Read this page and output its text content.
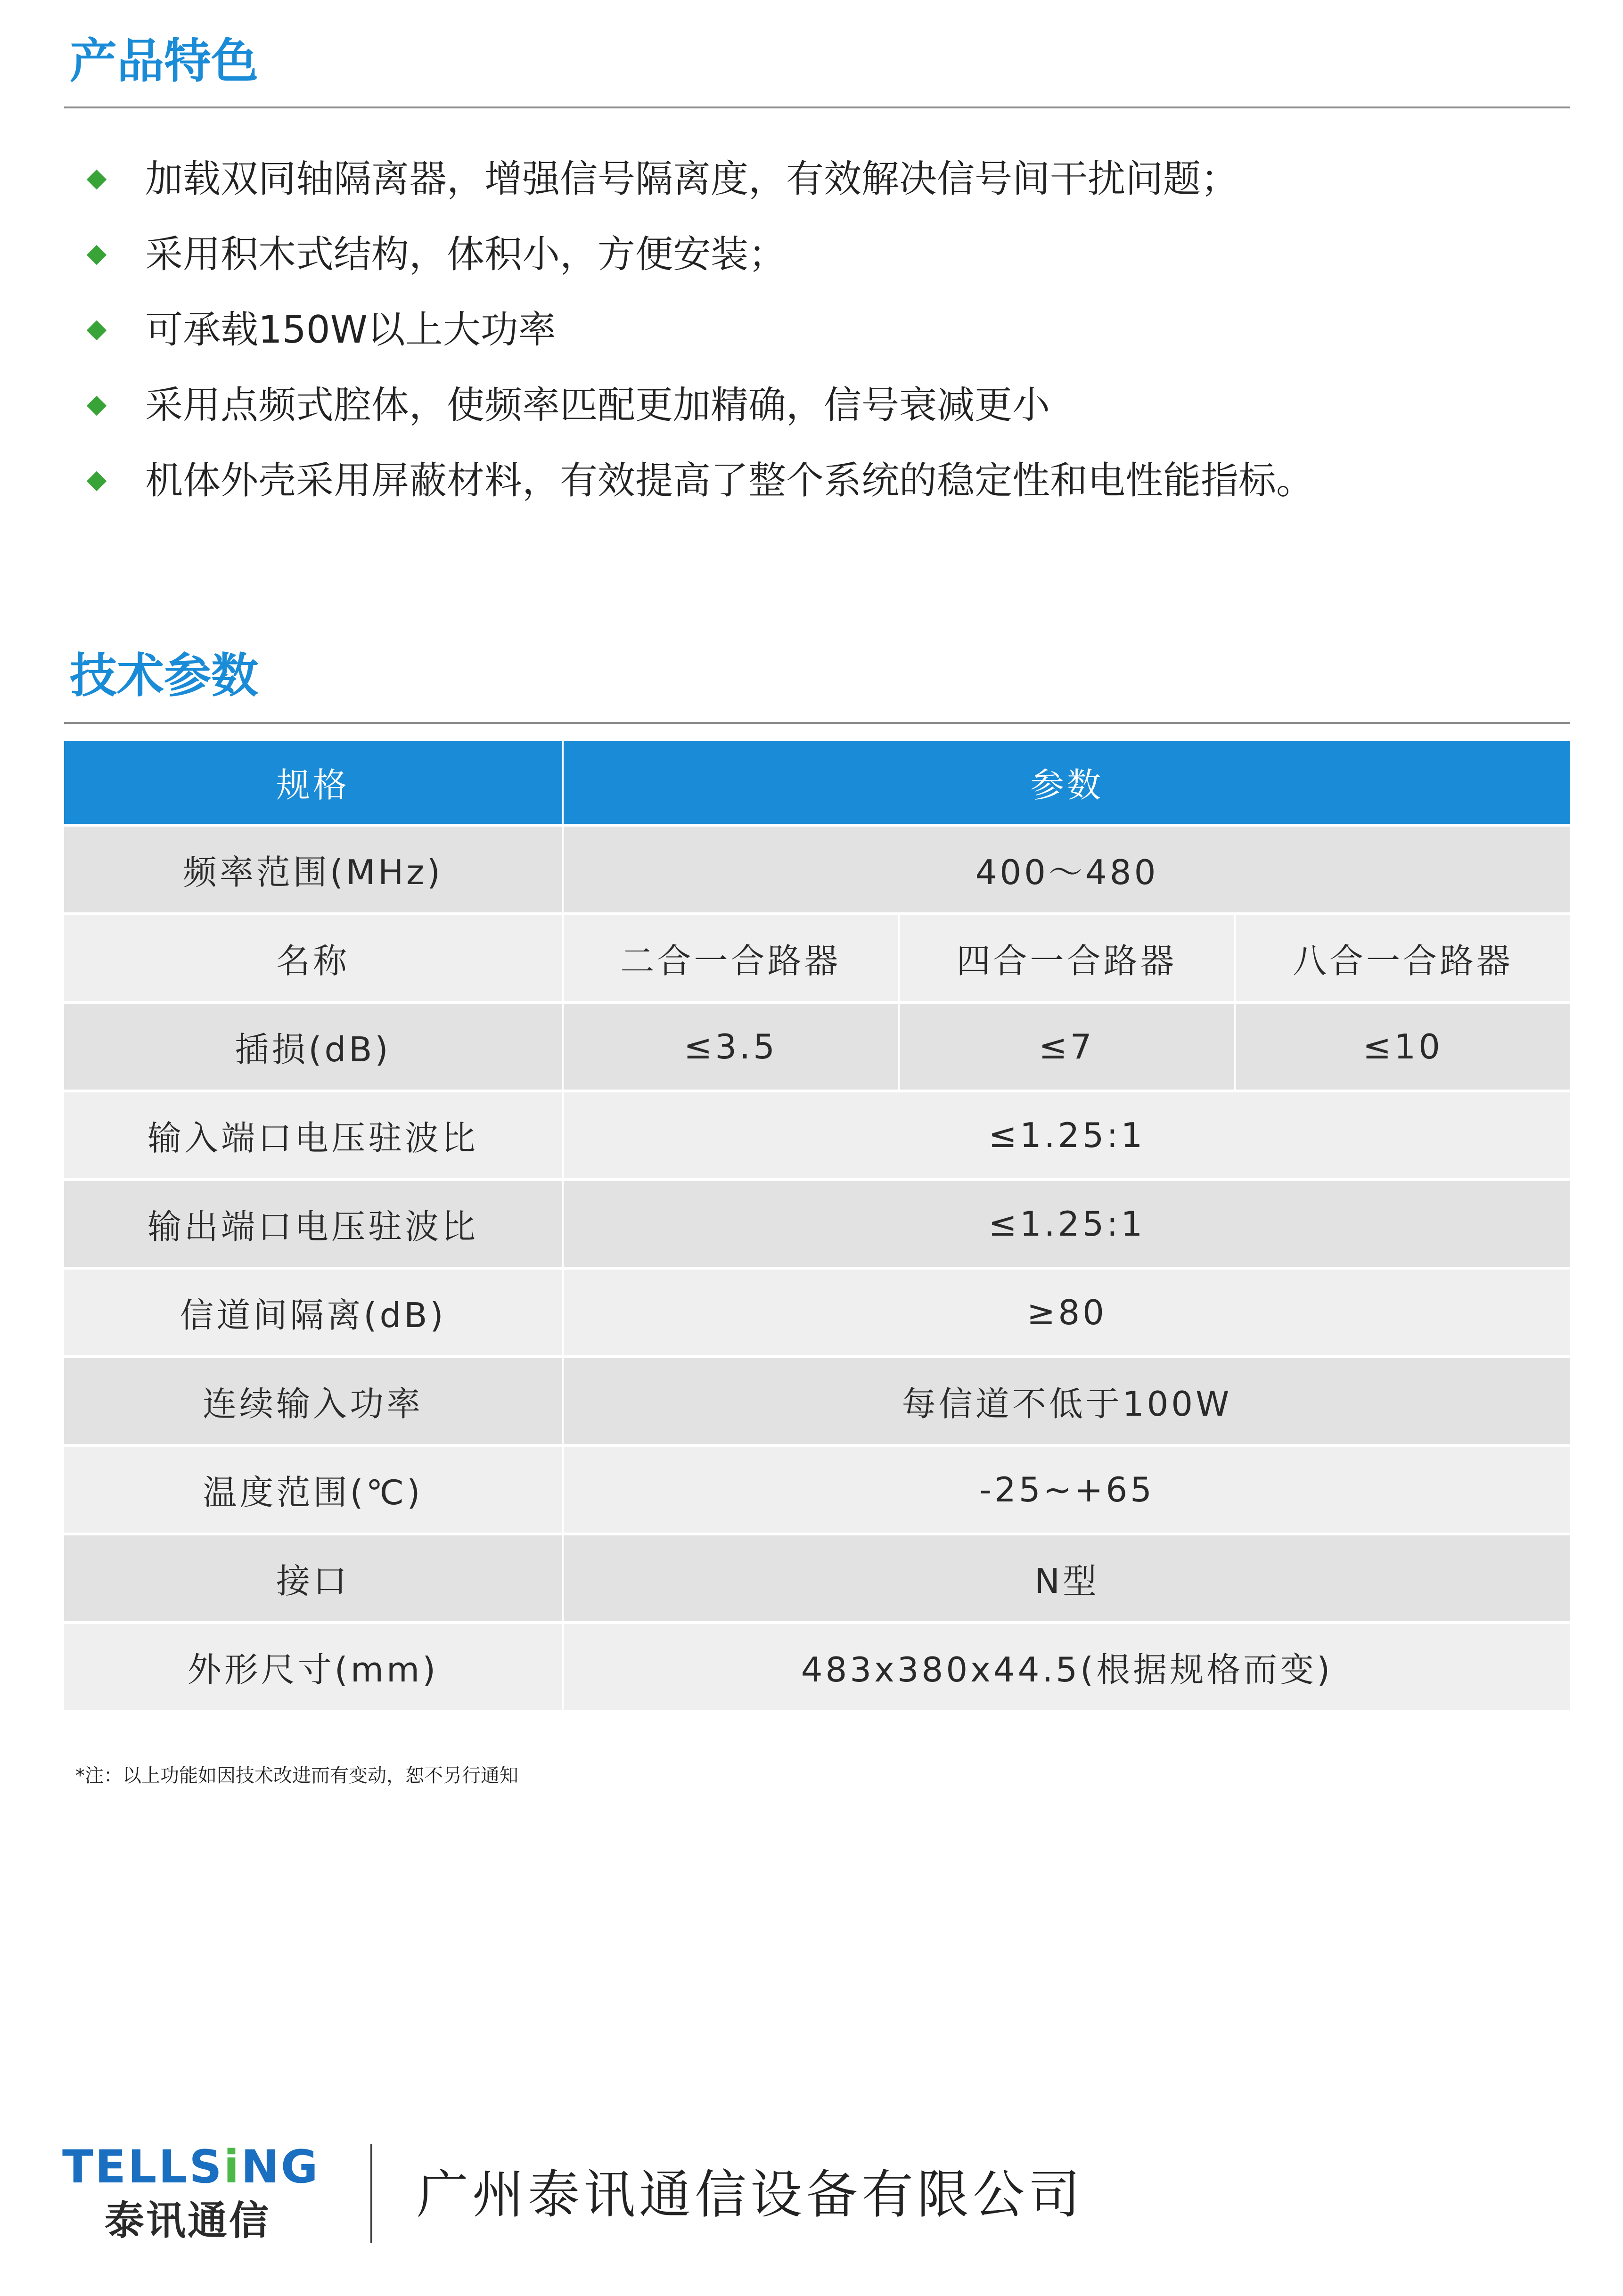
产品特色
加载双同轴隔离器，增强信号隔离度，有效解决信号间干扰问题；
采用积木式结构，体积小，方便安装；
可承载150W以上大功率
采用点频式腔体，使频率匹配更加精确，信号衰减更小
机体外壳采用屏蔽材料，有效提高了整个系统的稳定性和电性能指标。
技术参数
规格	参数		
频率范围(MHz)	400～480		
名称	二合一合路器	四合一合路器	八合一合路器
插损(dB)	≤3.5	≤7	≤10
输入端口电压驻波比	≤1.25:1		
输出端口电压驻波比	≤1.25:1		
信道间隔离(dB)	≥80		
连续输入功率	每信道不低于100W		
温度范围(℃)	-25~+65		
接口	N型		
外形尺寸(mm)	483x380x44.5(根据规格而变)		
*注：以上功能如因技术改进而有变动，恕不另行通知
TELLSiNG
泰讯通信	广州泰讯通信设备有限公司
